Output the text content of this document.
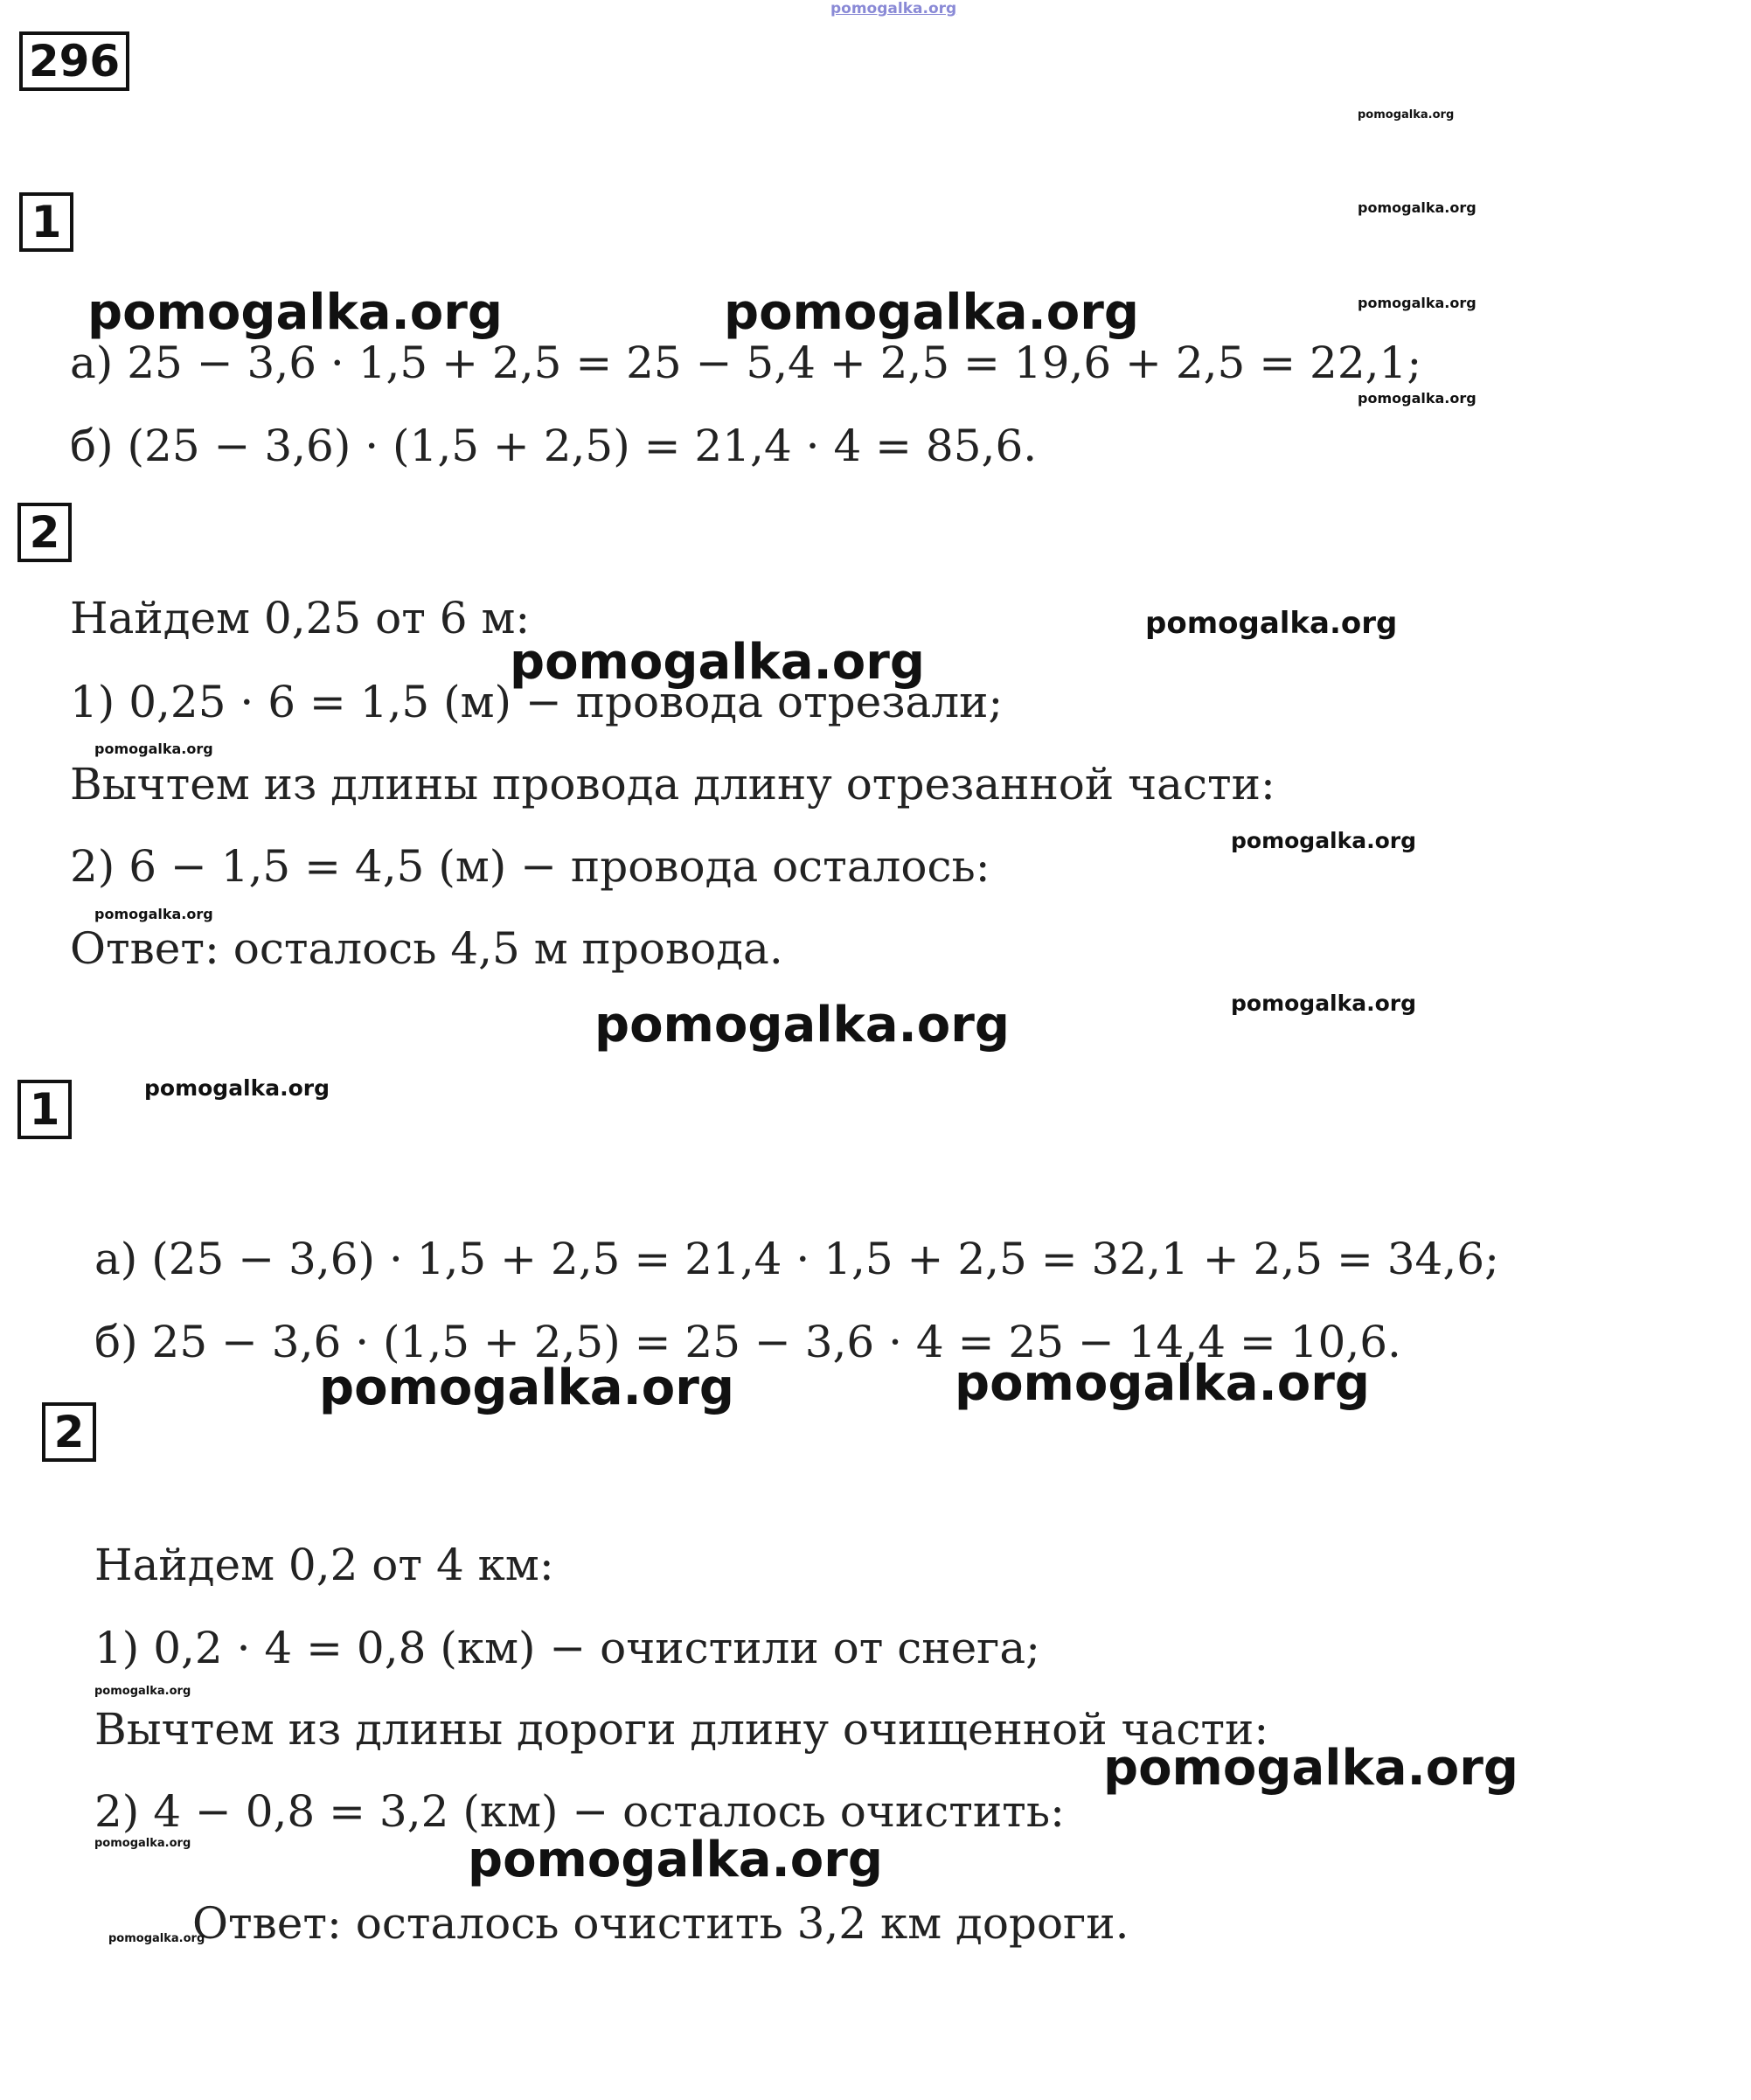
pomogalka.org
296
1
а) 25 − 3,6 · 1,5 + 2,5 = 25 − 5,4 + 2,5 = 19,6 + 2,5 = 22,1;
б) (25 − 3,6) · (1,5 + 2,5) = 21,4 · 4 = 85,6.
2
Найдем 0,25 от 6 м:
1) 0,25 · 6 = 1,5 (м) − провода отрезали;
Вычтем из длины провода длину отрезанной части:
2) 6 − 1,5 = 4,5 (м) − провода осталось:
Ответ: осталось 4,5 м провода.
1
а) (25 − 3,6) · 1,5 + 2,5 = 21,4 · 1,5 + 2,5 = 32,1 + 2,5 = 34,6;
б) 25 − 3,6 · (1,5 + 2,5) = 25 − 3,6 · 4 = 25 − 14,4 = 10,6.
2
Найдем 0,2 от 4 км:
1) 0,2 · 4 = 0,8 (км) − очистили от снега;
Вычтем из длины дороги длину очищенной части:
2) 4 − 0,8 = 3,2 (км) − осталось очистить:
Ответ: осталось очистить 3,2 км дороги.
pomogalka.org	pomogalka.org
pomogalka.org
pomogalka.org
pomogalka.org	pomogalka.org
pomogalka.org
pomogalka.org
pomogalka.org
pomogalka.org
pomogalka.org
pomogalka.org
pomogalka.org
pomogalka.org
pomogalka.org
pomogalka.org
pomogalka.org
pomogalka.org
pomogalka.org
pomogalka.org
pomogalka.org
